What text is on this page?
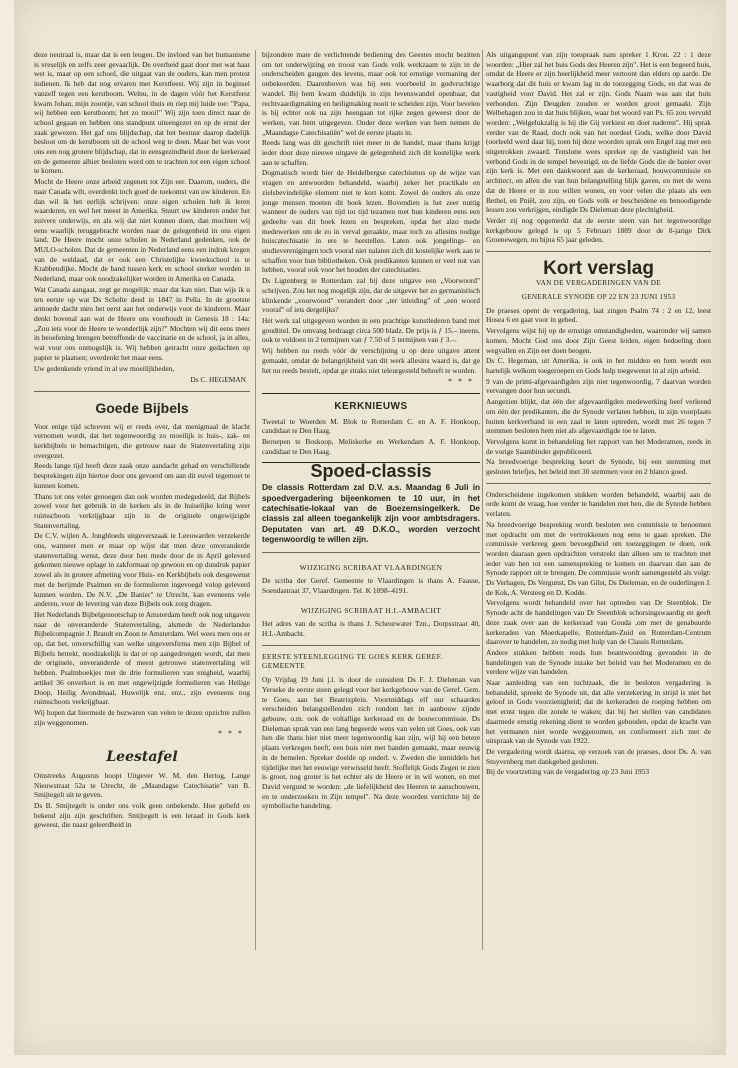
deze neutraal is, maar dat is een leugen. De invloed van het humanisme is vreselijk en zelfs zeer gevaarlijk. De overheid gaat door met wat haar wet is, maar op een school, die uitgaat van de ouders, kan men protest indienen. Ik heb dat nog ervaren met Kerstfeest. Wij zijn in beginsel vanzelf tegen een kerstboom. Welnu, in de dagen vóór het Kerstfeest kwam Johan, mijn zoontje, van school thuis en riep mij luide toe: "Papa, wij hebben een kerstboom; het zo mooi!" Wij zijn toen direct naar de school gegaan en hebben ons standpunt uiteengezet en op de ernst der zaak gewezen. Het gaf ons blijdschap, dat het bestuur daarop dadelijk besloot om de kerstboom uit de school weg te doen. Maar het was voor ons een nog grotere blijdschap, dat in eensgezindheid door de kerkeraad en de gemeente alhier besloten werd om te trachten tot een eigen school te komen.

Mocht de Heere onze arbeid zegenen tot Zijn eer. Daarom, ouders, die naar Canada wilt, overdenkt toch goed de toekomst van uw kinderen. En dan wil ik het eerlijk schrijven: onze eigen scholen heb ik leren waarderen, en wel het meest in Amerika. Stuurt uw kinderen onder het zuivere onderwijs, en als wij dat niet kunnen doen, dan mochten wij eens waarlijk teruggebracht worden naar de gelegenheid in ons eigen land. De Heere mocht onze scholen in Nederland gedenken, ook de MULO-scholen. Dat de gemeenten in Nederland eens een indruk kregen van de weldaad, dat er ook een Christelijke kweekschool is te Krabbendijke. Mocht de band tussen kerk en school sterker worden in Nederland, maar ook noodzakelijker worden in Amerika en Canada.

Wat Canada aangaat, zegt ge mogelijk: maar dat kan niet. Dan wijs ik u ten eerste op wat Ds Scholte deed in 1847 in Pella. In de grootste armoede dacht men het eerst aan het onderwijs voor de kinderen. Maar denkt bovenal aan wat de Heere ons voorhoudt in Genesis 18 : 14a: „Zou iets voor de Heere te wonderlijk zijn?" Mochten wij dit eens meer in beoefening brengen betreffende de vaccinatie en de school, ja in alles, wat voor ons onmogelijk is. Wij hebben getracht onze gedachten op papier te plaatsen; overdenkt het maar eens.

Uw gedenkende vriend in al uw moeilijkheden,

Ds C. HEGEMAN
Goede Bijbels

Voor enige tijd schreven wij er reeds over, dat menigmaal de klacht vernomen wordt, dat het tegenwoordig zo moeilijk is huis-, zak- en kerkbijbels te bemachtigen, die getrouw naar de Statenvertaling zijn overgezet.

Reeds lange tijd heeft deze zaak onze aandacht gehad en verschillende besprekingen zijn hiertoe door ons gevoerd om aan dit euvel tegemoet te kunnen komen.

Thans tot ons veler genoegen dan ook worden medegedeeld, dat Bijbels zowel voor het gebruik in de kerken als in de huiselijke kring weer ruimschoots verkrijgbaar zijn in de originele ongewijzigde Statenvertaling.

De C.V. wijlen A. Jongbloeds uitgeverszaak te Leeuwarden verzekerde ons, wanneer men er maar op wijst dat men deze onveranderde statenvertaling wenst, deze door hen mede door de in April geleverd gekomen nieuwe oplage in zakformaat op gewoon en op dundruk papier zowel als in grotere afmeting voor Huis- en Kerkbijbels ook desgewenst met de berijmde Psalmen en de formulieren ingevoegd volop geleverd kunnen worden. De N.V. „De Banier" te Utrecht, kan eveneens vele anderen, voor de levering van deze Bijbels ook zorg dragen.

Het Nederlands Bijbelgenootschap te Amsterdam heeft ook nog uitgaven naar de onveranderde Statenvertaling, alsmede de Nederlandse Bijbelcompagnie J. Brandt en Zoon te Amsterdam. Wel wees men ons er op, dat het, onverschillig van welke uitgeversfirma men zijn Bijbel of Bijbels betrekt, noodzakelijk is dat er op aangedrongen wordt, dat men de originele, onveranderde of meest getrouwe statenvertaling wil hebben. Psalmboekjes met de drie formulieren van enigheid, waarbij artikel 36 onverkort is en met ongewijzigde formulieren van Heilige Doop, Heilig Avondmaal, Huwelijk enz. enz., zijn eveneens nog ruimschoots verkrijgbaar.

Wij hopen dat hiermede de bezwaren van velen te dezen opzichte zullen zijn weggenomen.

* * *
Leestafel

Omstreeks Augustus hoopt Uitgever W. M. den Hertog, Lange Nieuwstraat 52a te Utrecht, de „Maandagse Catechisatie" van B. Smijtegelt uit te geven.

Ds B. Smijtegelt is onder ons volk geen onbekende. Hoe geliefd en bekend zijn zijn geschriften. Smijtegelt is een leraad in Gods kerk geweest, die naast geleerdheid in

bijzondere mate de verlichtende bediening des Geestes mocht bezitten om tot onderwijzing en troost van Gods volk werkzaam te zijn in de onderscheiden gangen des levens, maar ook tot ernstige vermaning der onbekeerden. Daarenboven was hij een voorbeeld in godvruchtige wandel. Bij hem kwam duidelijk in zijn levenswandel openbaar, dat rechtvaardigmaking en heiligmaking nooit te scheiden zijn. Voor bevelen is hij echter ook na zijn heengaan tot rijke zegen geweest door de werken, van hem uitgegeven. Onder deze werken van hem nemen de „Maandagse Catechisatiën" wel de eerste plaats in.

Reeds lang was dit geschrift niet meer in de handel, maar thans krijgt ieder door deze nieuwe uitgave de gelegenheid zich dit kostelijke werk aan te schaffen.

Dogmatisch wordt hier de Heidelbergse catechismus op de wijze van vragen en antwoorden behandeld, waarbij zeker het practikale en zielsbevindelijke element niet te kort komt. Zowel de ouders als onze jonge mensen moeten dit boek lezen. Bovendien is het zeer nuttig wanneer de ouders van tijd tot tijd tezamen met hun kinderen eens een gedeelte van dit boek lezen en bespreken, opdat het alzo mede medewerken om de zo in verval geraakte, maar toch zo allesins nodige huiscatechisatie in ere te herstellen. Laten ook jongelings- en studieverenigingen toch vooral niet nalaten zich dit kostelijke werk aan te schaffen voor hun bibliotheken. Ook predikanten kunnen er veel nut van hebben, vooral ook voor het houden der catechisaties.

Ds Ligtenberg te Rotterdam zal bij deze uitgave een „Voorwoord" schrijven. Zou het nog mogelijk zijn, dat de uitgever het zo germanistisch klinkende „voorwoord" verandert door „ter inleiding" of „een woord vooraf" of iets dergelijks?

Het werk zal uitgegeven worden in een prachtige kunstlederen band met goudtitel. De omvang bedraagt circa 500 bladz. De prijs is ƒ 15.– ineens, ook te voldoen in 2 termijnen van ƒ 7.50 of 5 termijnen van ƒ 3.–.

Wij hebben nu reeds vóór de verschijning u op deze uitgave attent gemaakt, omdat de belangrijkheid van dit werk allesins waard is, dat ge het nu reeds bestelt, opdat ge straks niet teleurgesteld behoeft te worden.

* * *
KERKNIEUWS

Tweetal te Woerden M. Blok te Rotterdam C. en A. F. Honkoop, candidaat te Den Haag.

Beroepen te Boskoop, Meliskerke en Werkendam A. F. Honkoop, candidaat te Den Haag.

Spoed-classis

De classis Rotterdam zal D.V. a.s. Maandag 6 Juli in spoedvergadering bijeenkomen te 10 uur, in het catechisatie-lokaal van de Boezemsingelkerk. De classis zal alleen toegankelijk zijn voor ambtsdragers. Deputaten van art. 49 D.K.O., worden verzocht tegenwoordig te willen zijn.

WIJZIGING SCRIBAAT VLAARDINGEN

De scriba der Geref. Gemeente te Vlaardingen is thans A. Faasse, Soendastraat 37, Vlaardingen. Tel. K 1898–4191.

WIJZIGING SCRIBAAT H.I.-AMBACHT

Het adres van de scriba is thans J. Scheurwater Tzn., Dorpsstraat 40, H.I.-Ambacht.

EERSTE STEENLEGGING TE GOES KERK GEREF. GEMEENTE

Op Vrijdag 19 Juni j.l. is door de consulent Ds F. J. Dieleman van Yerseke de eerste steen gelegd voor het kerkgebouw van de Geref. Gem. te Goes, aan het Beatrixplein. Voormiddags elf uur schaarden verscheiden belangstellenden zich rondom het in aanbouw zijnde gebouw, o.m. ook de voltallige kerkeraad en de bouwcommissie. Ds Dieleman sprak van een lang begeerde wens van velen uit Goes, ook van hen die thans hier niet meer tegenwoordig kan zijn, wijl hij een betere plaats verkregen heeft, een huis niet met handen gemaakt, maar eeuwig in de hemelen. Spreker doelde op onderl. v. Zweden die inmiddels het tijdelijke met het eeuwige verwisseld heeft. Stoffelijk Gods Zegen te zien is groot, nog groter is het echter als de Heere er in wil wonen, en met David vergund te worden: „de liefelijkheid des Heeren te aanschouwen, en te onderzoeken in Zijn tempel". Na deze woorden verrichtte hij de symbolische handeling.

Als uitgangspunt van zijn toespraak nam spreker 1 Kron. 22 : 1 deze woorden: „Hier zal het huis Gods des Heeren zijn". Het is een begeerd huis, omdat de Heere er zijn heerlijkheid meer vertoont dan elders op aarde. De waarborg dat dit huis er kwam lag in de toezegging Gods, en dat was de vastigheid voor David. Het zal er zijn. Gods Naam was aan dat huis verbonden. Zijn Deugden zouden er worden groot gemaakt. Zijn Welbehagen zou in dat huis blijken, waar het woord van Ps. 65 zou vervuld worden: „Welgelukzalig is hij die Gij verkiest en doet naderen". Hij sprak verder van de Raad, doch ook van het oordeel Gods, welke door David (oorleeld werd daar hij, toen hij deze woorden sprak een Engel zag met een uitgetrokken zwaard. Tenslotte wees spreker op de vastigheid van het verbond Gods in de tempel bevestigd, en de liefde Gods die de banier over zijn kerk is. Met een dankwoord aan de kerkeraad, bouwcommissie en architect, en allen die van hun belangstelling blijk gaven, en met de wens dat de Heere er in zou willen wonen, en voor velen die plaats als een Bethel, en Pniël, zou zijn, en Gods volk er bescheidene en benoodigende lessen zou verkrijgen, eindigde Ds Dieleman deze plechtigheid.

Verder zij nog opgemerkt dat de eerste steen van het tegenwoordige kerkgebouw gelegd is op 5 Februari 1889 door de 8-jarige Dirk Groenewegen, nu bijna 65 jaar geleden.

Kort verslag
VAN DE VERGADERINGEN VAN DE
GENERALE SYNODE OP 22 EN 23 JUNI 1953

De praeses opent de vergadering, laat zingen Psalm 74 : 2 en 12, leest Hosea 6 en gaat voor in gebed.

Vervolgens wijst hij op de ernstige omstandigheden, waaronder wij samen komen. Mocht God ons door Zijn Geest leiden, eigen bedoeling doen wegvallen en Zijn eer doen beogen.

Ds C. Hegeman, uit Amerika, is ook in het midden en hem wordt een hartelijk welkom toegeroepen en Gods hulp toegewenst in al zijn arbeid.

9 van de primi-afgevaardigden zijn niet tegenwoordig, 7 daarvan worden vervangen door hun secundi.

Aangezien blijkt, dat één der afgevaardigden medewerking heef verleend om één der predikanten, die de Synode verlaten hebben, in zijn voorplaats buiten kerkverband in een zaal te laten optreden, wordt met 26 tegen 7 stemmen besloten hem niet als afgevaardigde toe te laten.

Vervolgens komt in behandeling het rapport van het Moderamen, reeds in de vorige Saambinder gepubliceerd.

Na breedvoerige bespreking keurt de Synode, bij een stemming met gesloten briefjes, het beleid met 30 stemmen voor en 2 blanco goed.

Onderscheidene ingekomen stukken worden behandeld, waarbij aan de orde komt de vraag, hoe verder te handelen met hen, die de Synode hebben verlaten.

Na breedvoerige bespreking wordt besloten een commissie te benoemen met opdracht om met de vertrokkenen nog eens te gaan spreken. Die commissie verkreeg geen bevoegdheid om toezeggingen te doen, ook worden daaraan geen opdrachten verstrekt dan alleen om te trachten met ieder van hen tot een samenspreking te komen en daarvan dan aan de Synode rapport uit te brengen. De commissie wordt samengesteld als volgt: Ds Verhagen, Ds Vergunst, Ds van Gilst, Ds Dieleman, en de ouderlingen J. de Kok, A. Versteeg en D. Kodde.

Vervolgens wordt behandeld over het optreden van Dr Steenblok. De Synode acht de handelingen van Dr Steenblok schorsingswaardig en geeft deze zaak over aan de kerkeraad van Gouda ,om met de genabuurde kerkeraden van Moerkapelle, Rotterdam-Zuid en Rotterdam-Centrum daarover te handelen, zo nodig met hulp van de Classis Rotterdam.

Andere stukken hebben reeds hun beantwoording gevonden in de handelingen van de Synode inzake het beleid van het Moderamen en de verdere wijze van handelen.

Naar aanleiding van een tuchtzaak, die in besloten vergadering is behandeld, spreekt de Synode uit, dat alle verzekering in strijd is met het geloof in Gods voorzienigheid; dat de kerkeraden de roeping hebben om met ernst tegen die zonde te waken; dat bij het stellen van candidaten daarmede ernstig rekening dient te worden gehouden, opdat de kracht van het vermanen niet worde weggenomen, en conformeert zich met de uitspraak van de Synode van 1922.

De vergadering wordt daarna, op verzoek van de praeses, door Ds. A. van Stuyvenberg met dankgebed gesloten.

Bij de voortzetting van de vergadering op 23 Juni 1953
